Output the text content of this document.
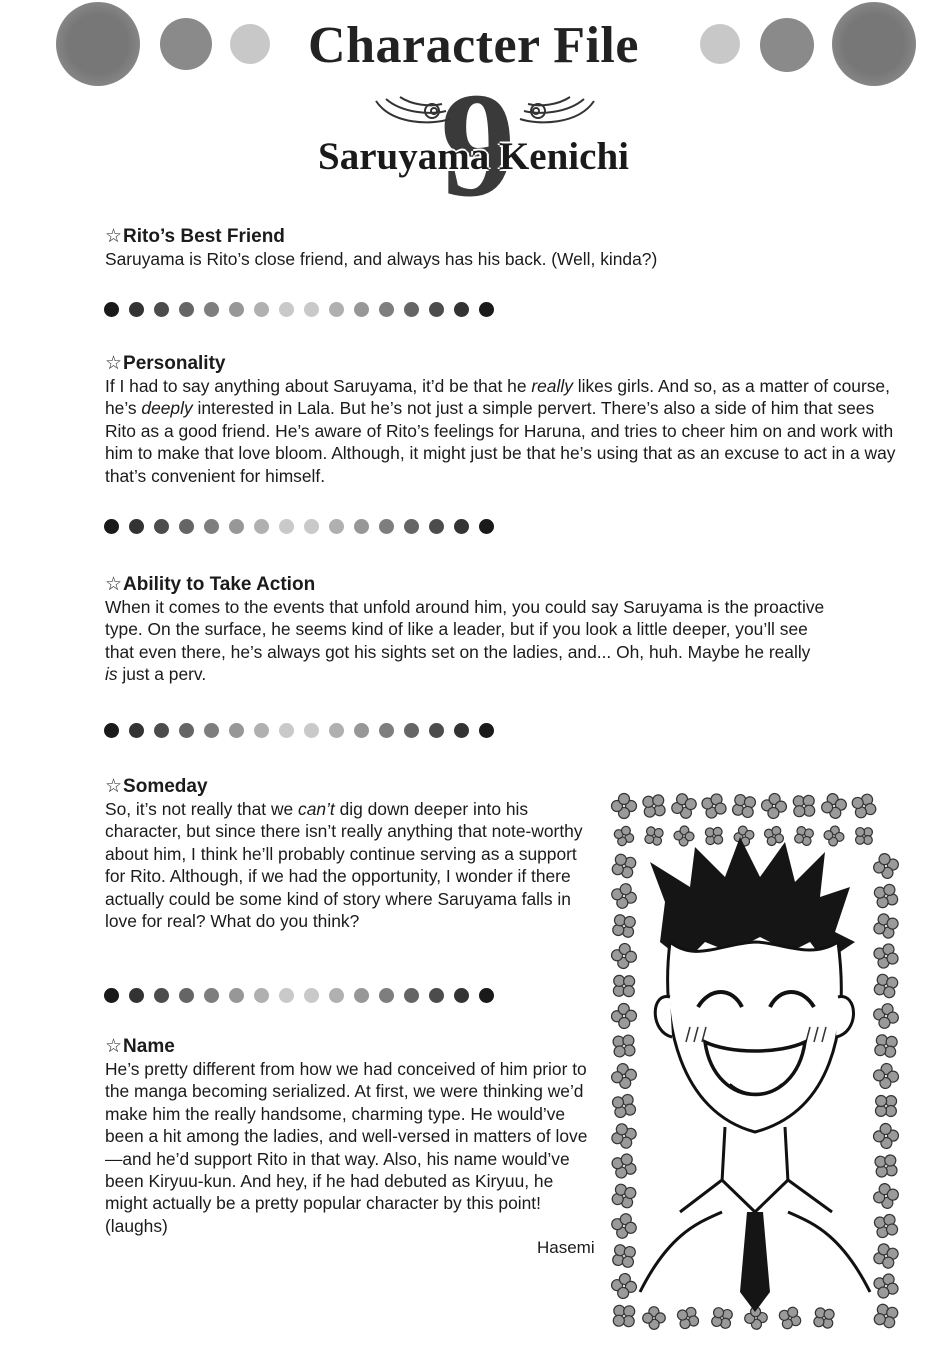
Character File
9
Saruyama Kenichi
☆Rito’s Best Friend
Saruyama is Rito’s close friend, and always has his back. (Well, kinda?)
☆Personality
If I had to say anything about Saruyama, it’d be that he really likes girls. And so, as a matter of course, he’s deeply interested in Lala. But he’s not just a simple pervert. There’s also a side of him that sees Rito as a good friend. He’s aware of Rito’s feelings for Haruna, and tries to cheer him on and work with him to make that love bloom. Although, it might just be that he’s using that as an excuse to act in a way that’s convenient for himself.
☆Ability to Take Action
When it comes to the events that unfold around him, you could say Saruyama is the proactive type. On the surface, he seems kind of like a leader, but if you look a little deeper, you’ll see that even there, he’s always got his sights set on the ladies, and... Oh, huh. Maybe he really is just a perv.
☆Someday
So, it’s not really that we can’t dig down deeper into his character, but since there isn’t really anything that note-worthy about him, I think he’ll probably continue serving as a support for Rito. Although, if we had the opportunity, I wonder if there actually could be some kind of story where Saruyama falls in love for real? What do you think?
☆Name
He’s pretty different from how we had conceived of him prior to the manga becoming serialized. At first, we were thinking we’d make him the really handsome, charming type. He would’ve been a hit among the ladies, and well-versed in matters of love—and he’d support Rito in that way. Also, his name would’ve been Kiryuu-kun. And hey, if he had debuted as Kiryuu, he might actually be a pretty popular character by this point! (laughs)
Hasemi
